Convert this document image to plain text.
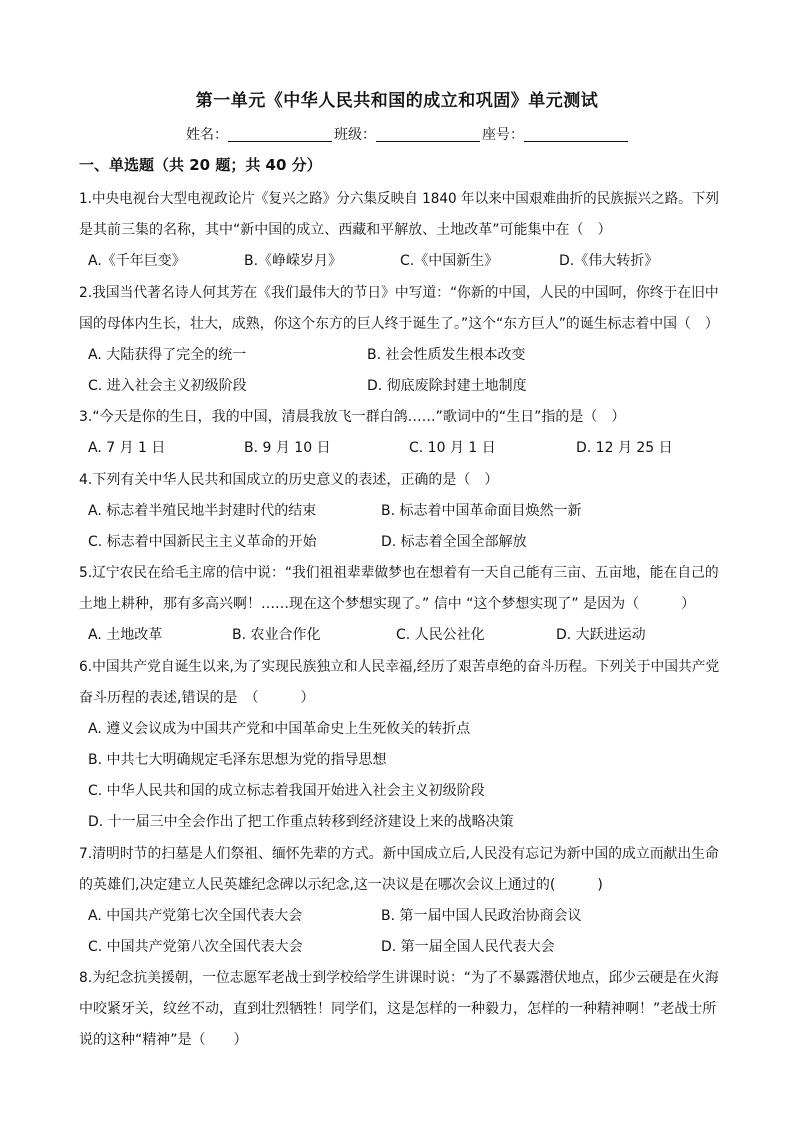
第一单元《中华人民共和国的成立和巩固》单元测试
姓名：	班级：	座号：
一、单选题（共 20 题；共 40 分）
1.中央电视台大型电视政论片《复兴之路》分六集反映自 1840 年以来中国艰难曲折的民族振兴之路。下列
是其前三集的名称，其中“新中国的成立、西藏和平解放、土地改革”可能集中在（　）
A.《千年巨变》	B.《峥嵘岁月》	C.《中国新生》	D.《伟大转折》
2.我国当代著名诗人何其芳在《我们最伟大的节日》中写道：“你新的中国，人民的中国呵，你终于在旧中
国的母体内生长，壮大，成熟，你这个东方的巨人终于诞生了。”这个“东方巨人”的诞生标志着中国（　）
A. 大陆获得了完全的统一	B. 社会性质发生根本改变
C. 进入社会主义初级阶段	D. 彻底废除封建土地制度
3.“今天是你的生日，我的中国，清晨我放飞一群白鸽……”歌词中的“生日”指的是（　）
A. 7 月 1 日	B. 9 月 10 日	C. 10 月 1 日	D. 12 月 25 日
4.下列有关中华人民共和国成立的历史意义的表述，正确的是（　）
A. 标志着半殖民地半封建时代的结束	B. 标志着中国革命面目焕然一新
C. 标志着中国新民主主义革命的开始	D. 标志着全国全部解放
5.辽宁农民在给毛主席的信中说：“我们祖祖辈辈做梦也在想着有一天自己能有三亩、五亩地，能在自己的
土地上耕种，那有多高兴啊！……现在这个梦想实现了。” 信中 “这个梦想实现了” 是因为（　　　）
A. 土地改革	B. 农业合作化	C. 人民公社化	D. 大跃进运动
6.中国共产党自诞生以来,为了实现民族独立和人民幸福,经历了艰苦卓绝的奋斗历程。下列关于中国共产党
奋斗历程的表述,错误的是　（　　　）
A. 遵义会议成为中国共产党和中国革命史上生死攸关的转折点
B. 中共七大明确规定毛泽东思想为党的指导思想
C. 中华人民共和国的成立标志着我国开始进入社会主义初级阶段
D. 十一届三中全会作出了把工作重点转移到经济建设上来的战略决策
7.清明时节的扫墓是人们祭祖、缅怀先辈的方式。新中国成立后,人民没有忘记为新中国的成立而献出生命
的英雄们,决定建立人民英雄纪念碑以示纪念,这一决议是在哪次会议上通过的(　　　)
A. 中国共产党第七次全国代表大会	B. 第一届中国人民政治协商会议
C. 中国共产党第八次全国代表大会	D. 第一届全国人民代表大会
8.为纪念抗美援朝，一位志愿军老战士到学校给学生讲课时说：“为了不暴露潜伏地点，邱少云硬是在火海
中咬紧牙关，纹丝不动，直到壮烈牺牲！同学们，这是怎样的一种毅力，怎样的一种精神啊！”老战士所
说的这种“精神”是（　　）
